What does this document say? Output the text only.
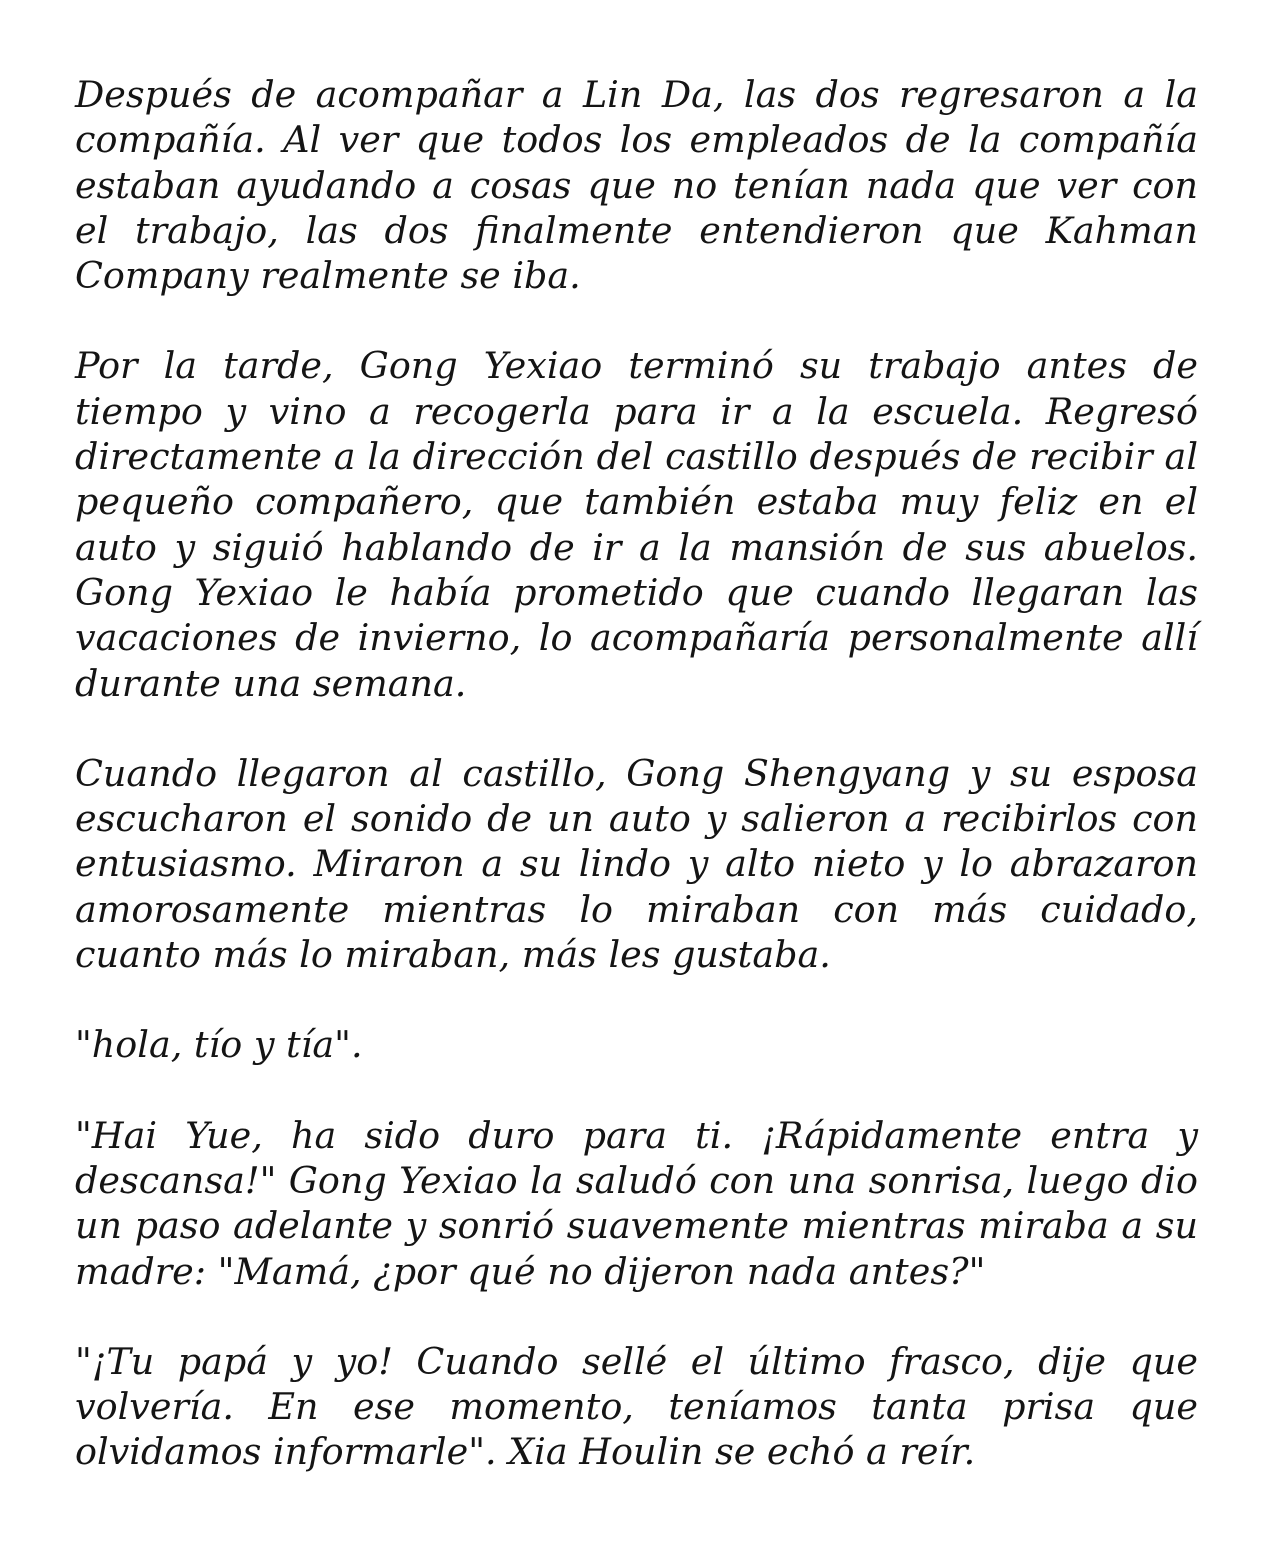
Después de acompañar a Lin Da, las dos regresaron a la compañía. Al ver que todos los empleados de la compañía estaban ayudando a cosas que no tenían nada que ver con el trabajo, las dos finalmente entendieron que Kahman Company realmente se iba.

Por la tarde, Gong Yexiao terminó su trabajo antes de tiempo y vino a recogerla para ir a la escuela. Regresó directamente a la dirección del castillo después de recibir al pequeño compañero, que también estaba muy feliz en el auto y siguió hablando de ir a la mansión de sus abuelos. Gong Yexiao le había prometido que cuando llegaran las vacaciones de invierno, lo acompañaría personalmente allí durante una semana.

Cuando llegaron al castillo, Gong Shengyang y su esposa escucharon el sonido de un auto y salieron a recibirlos con entusiasmo. Miraron a su lindo y alto nieto y lo abrazaron amorosamente mientras lo miraban con más cuidado, cuanto más lo miraban, más les gustaba.

"hola, tío y tía".

"Hai Yue, ha sido duro para ti. ¡Rápidamente entra y descansa!" Gong Yexiao la saludó con una sonrisa, luego dio un paso adelante y sonrió suavemente mientras miraba a su madre: "Mamá, ¿por qué no dijeron nada antes?"

"¡Tu papá y yo! Cuando sellé el último frasco, dije que volvería. En ese momento, teníamos tanta prisa que olvidamos informarle". Xia Houlin se echó a reír.
